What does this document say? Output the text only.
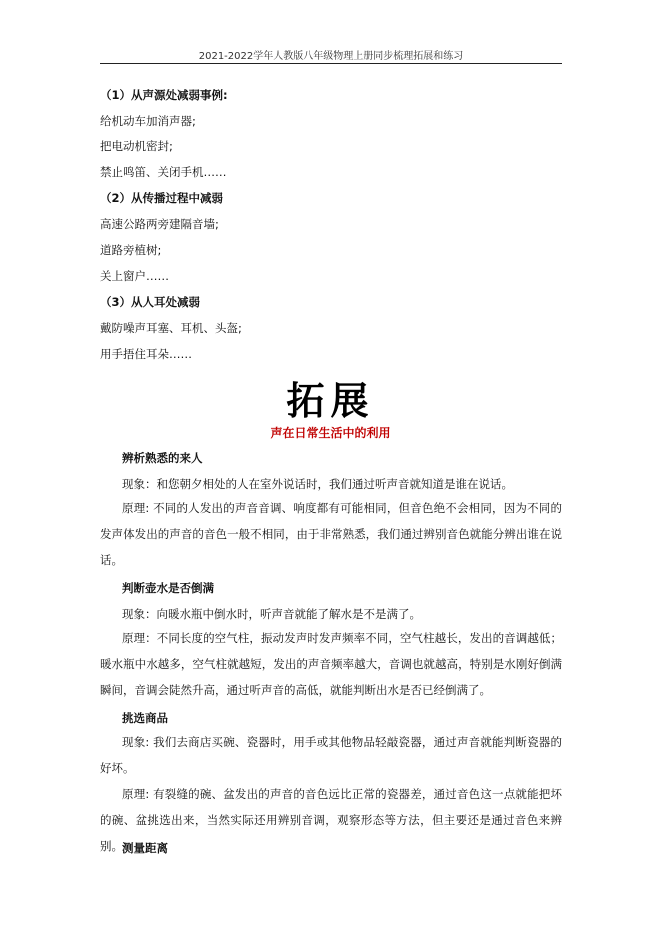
2021-2022学年人教版八年级物理上册同步梳理拓展和练习
（1）从声源处减弱事例:
给机动车加消声器;
把电动机密封;
禁止鸣笛、关闭手机……
（2）从传播过程中减弱
高速公路两旁建隔音墙;
道路旁植树;
关上窗户……
（3）从人耳处减弱
戴防噪声耳塞、耳机、头盔;
用手捂住耳朵……
拓展
声在日常生活中的利用
辨析熟悉的来人
现象：和您朝夕相处的人在室外说话时，我们通过听声音就知道是谁在说话。
原理: 不同的人发出的声音音调、响度都有可能相同，但音色绝不会相同，因为不同的发声体发出的声音的音色一般不相同，由于非常熟悉，我们通过辨别音色就能分辨出谁在说话。
判断壶水是否倒满
现象：向暖水瓶中倒水时，听声音就能了解水是不是满了。
原理：不同长度的空气柱，振动发声时发声频率不同，空气柱越长，发出的音调越低；暖水瓶中水越多，空气柱就越短，发出的声音频率越大，音调也就越高，特别是水刚好倒满瞬间，音调会陡然升高，通过听声音的高低，就能判断出水是否已经倒满了。
挑选商品
现象: 我们去商店买碗、瓷器时，用手或其他物品轻敲瓷器，通过声音就能判断瓷器的好坏。
原理: 有裂缝的碗、盆发出的声音的音色远比正常的瓷器差，通过音色这一点就能把坏的碗、盆挑选出来，当然实际还用辨别音调，观察形态等方法，但主要还是通过音色来辨别。 测量距离
